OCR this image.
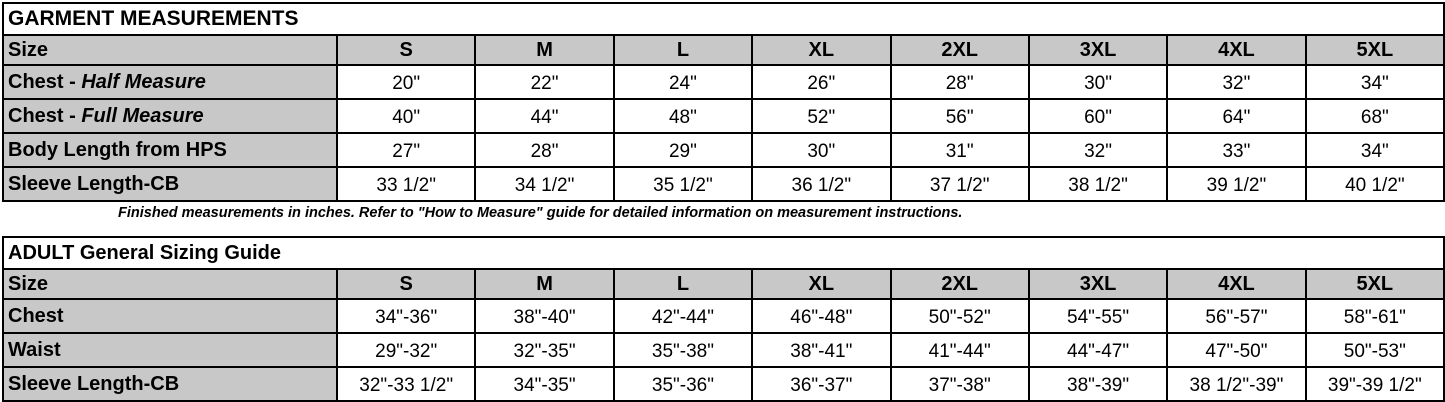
GARMENT MEASUREMENTS								
Size	S	M	L	XL	2XL	3XL	4XL	5XL
Chest - Half Measure	20"	22"	24"	26"	28"	30"	32"	34"
Chest - Full Measure	40"	44"	48"	52"	56"	60"	64"	68"
Body Length from HPS	27"	28"	29"	30"	31"	32"	33"	34"
Sleeve Length-CB	33 1/2"	34 1/2"	35 1/2"	36 1/2"	37 1/2"	38 1/2"	39 1/2"	40 1/2"
Finished measurements in inches. Refer to "How to Measure" guide for detailed information on measurement instructions.
ADULT General Sizing Guide								
Size	S	M	L	XL	2XL	3XL	4XL	5XL
Chest	34"-36"	38"-40"	42"-44"	46"-48"	50"-52"	54"-55"	56"-57"	58"-61"
Waist	29"-32"	32"-35"	35"-38"	38"-41"	41"-44"	44"-47"	47"-50"	50"-53"
Sleeve Length-CB	32"-33 1/2"	34"-35"	35"-36"	36"-37"	37"-38"	38"-39"	38 1/2"-39"	39"-39 1/2"
